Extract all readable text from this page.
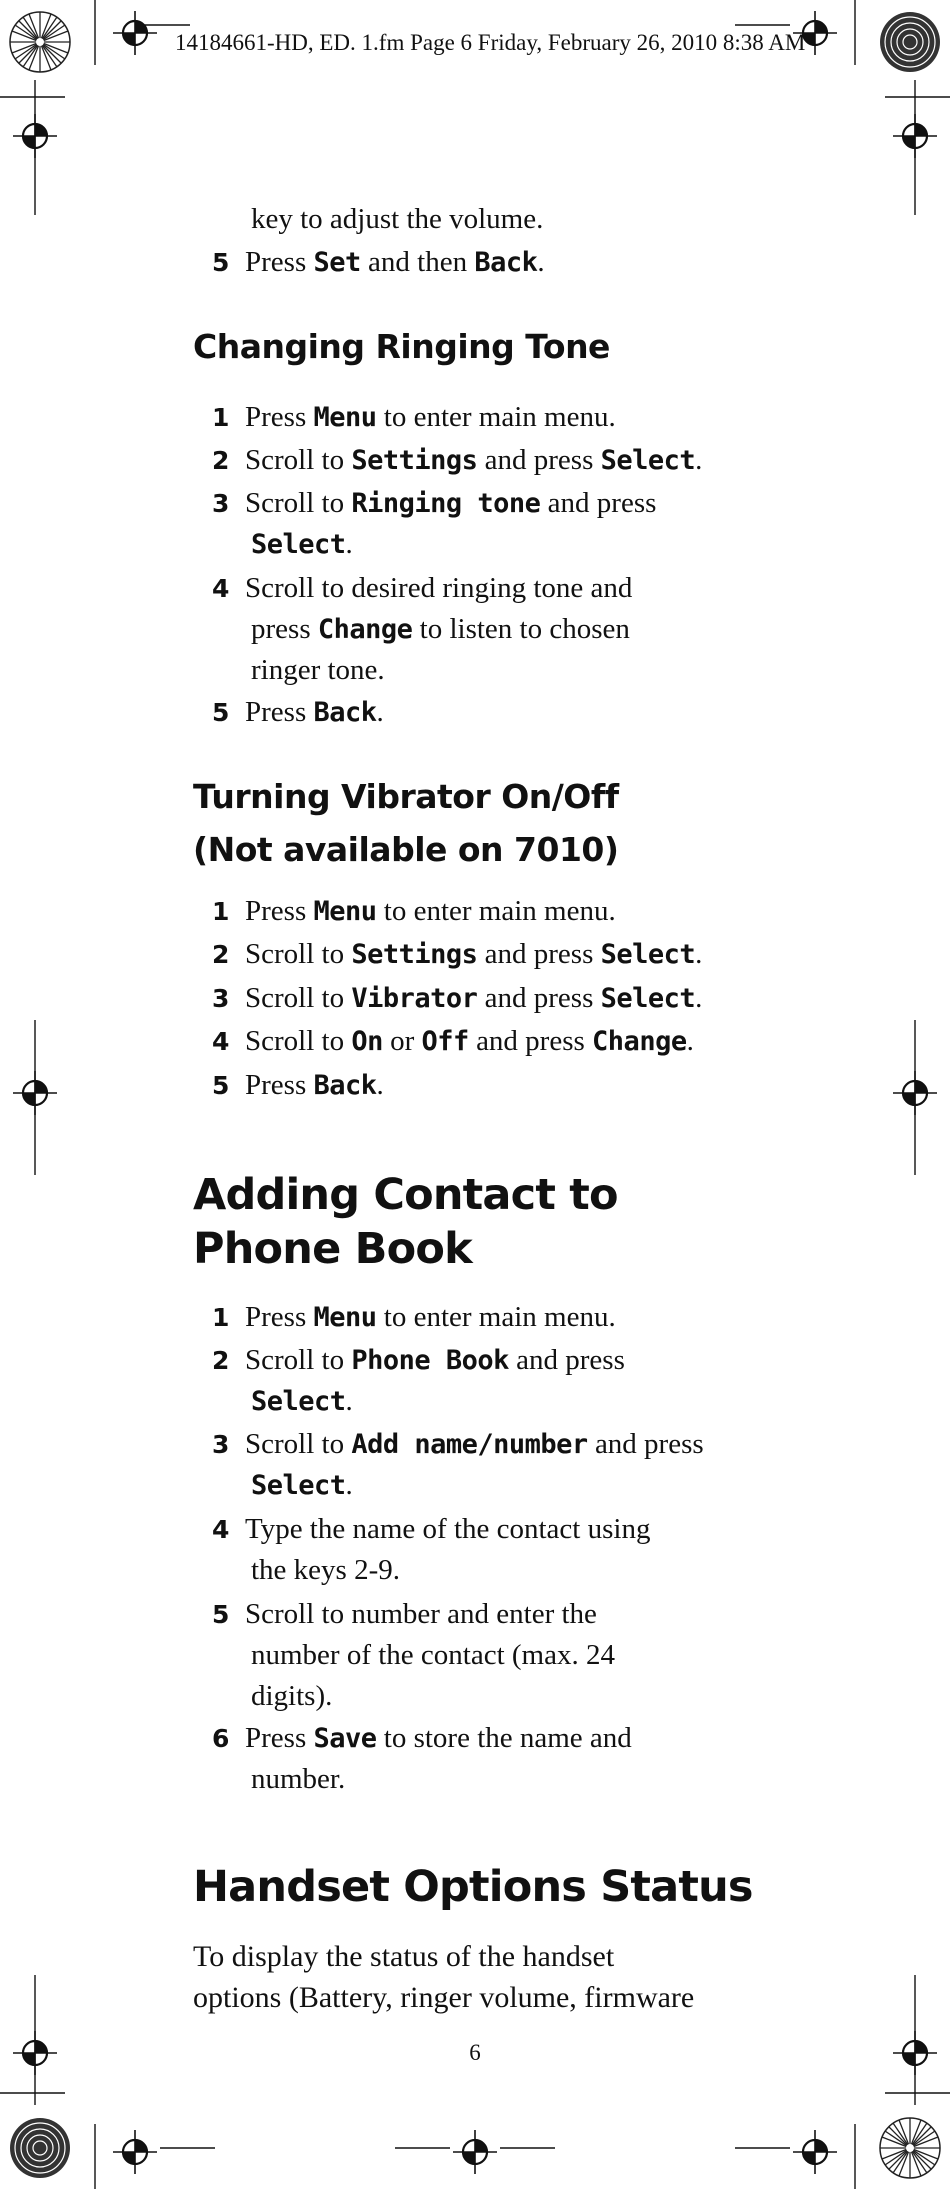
14184661-HD, ED. 1.fm Page 6 Friday, February 26, 2010 8:38 AM
key to adjust the volume.
5 Press Set and then Back.
Changing Ringing Tone
1 Press Menu to enter main menu.
2 Scroll to Settings and press Select.
3 Scroll to Ringing tone and press
Select.
4 Scroll to desired ringing tone and
press Change to listen to chosen
ringer tone.
5 Press Back.
Turning Vibrator On/Off
(Not available on 7010)
1 Press Menu to enter main menu.
2 Scroll to Settings and press Select.
3 Scroll to Vibrator and press Select.
4 Scroll to On or Off and press Change.
5 Press Back.
Adding Contact to Phone Book
1 Press Menu to enter main menu.
2 Scroll to Phone Book and press
Select.
3 Scroll to Add name/number and press
Select.
4 Type the name of the contact using
the keys 2-9.
5 Scroll to number and enter the
number of the contact (max. 24
digits).
6 Press Save to store the name and
number.
Handset Options Status
To display the status of the handset
options (Battery, ringer volume, firmware
6
